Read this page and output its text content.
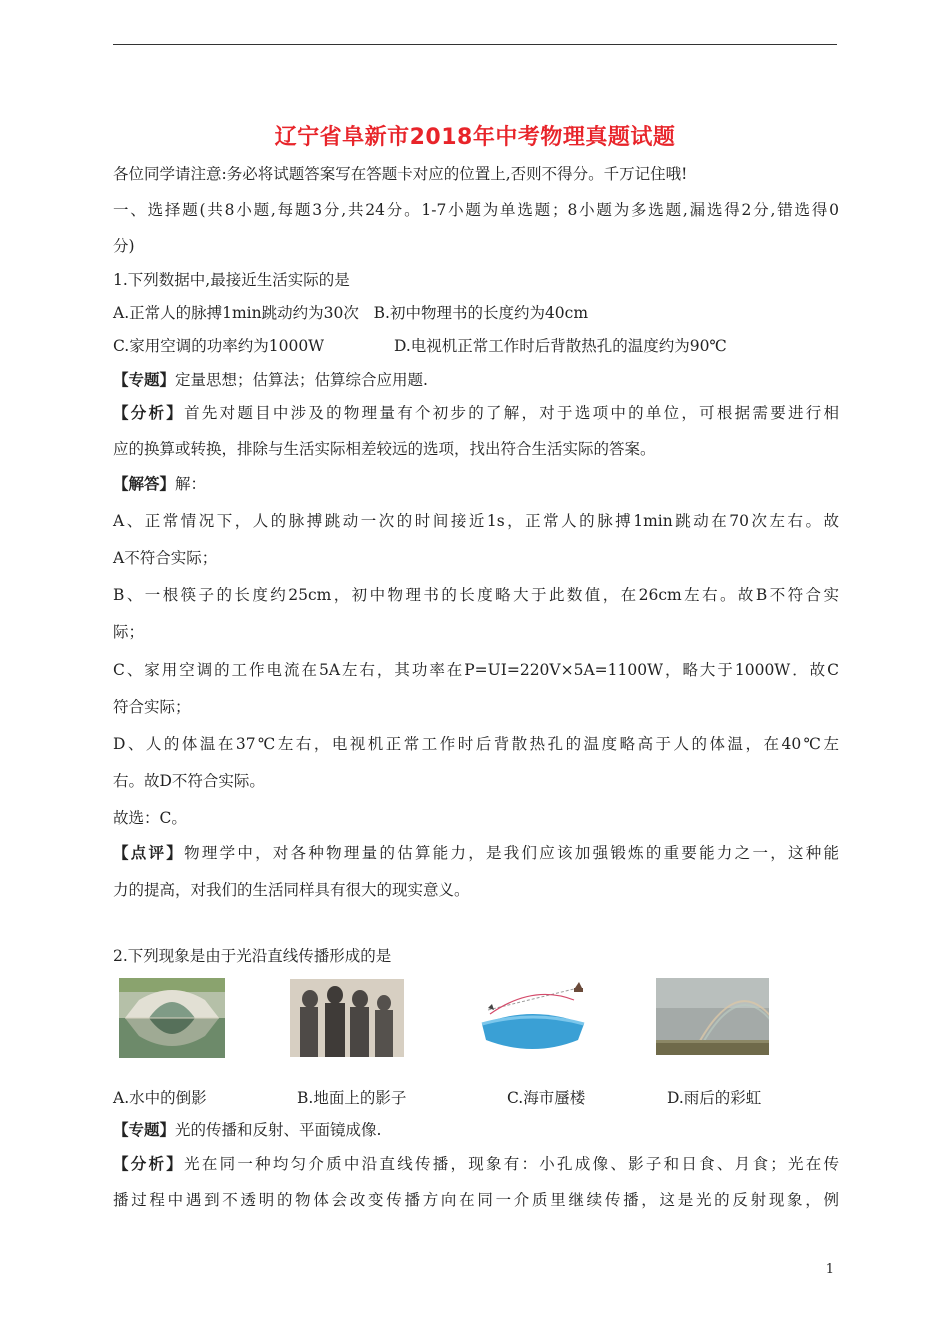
辽宁省阜新市2018年中考物理真题试题
各位同学请注意:务必将试题答案写在答题卡对应的位置上,否则不得分。千万记住哦!
一、选择题(共8小题,每题3分,共24分。1-7小题为单选题；8小题为多选题,漏选得2分,错选得0
分)
1.下列数据中,最接近生活实际的是
A.正常人的脉搏1min跳动约为30次   B.初中物理书的长度约为40cm
C.家用空调的功率约为1000W	D.电视机正常工作时后背散热孔的温度约为90℃
【专题】定量思想；估算法；估算综合应用题.
【分析】首先对题目中涉及的物理量有个初步的了解，对于选项中的单位，可根据需要进行相
应的换算或转换，排除与生活实际相差较远的选项，找出符合生活实际的答案。
【解答】解：
A、正常情况下，人的脉搏跳动一次的时间接近1s，正常人的脉搏1min跳动在70次左右。故
A不符合实际；
B、一根筷子的长度约25cm，初中物理书的长度略大于此数值，在26cm左右。故B不符合实
际；
C、家用空调的工作电流在5A左右，其功率在P=UI=220V×5A=1100W，略大于1000W．故C
符合实际；
D、人的体温在37℃左右，电视机正常工作时后背散热孔的温度略高于人的体温，在40℃左
右。故D不符合实际。
故选：C。
【点评】物理学中，对各种物理量的估算能力，是我们应该加强锻炼的重要能力之一，这种能
力的提高，对我们的生活同样具有很大的现实意义。
2.下列现象是由于光沿直线传播形成的是
A.水中的倒影	B.地面上的影子	C.海市蜃楼	D.雨后的彩虹
【专题】光的传播和反射、平面镜成像.
【分析】光在同一种均匀介质中沿直线传播，现象有：小孔成像、影子和日食、月食；光在传
播过程中遇到不透明的物体会改变传播方向在同一介质里继续传播，这是光的反射现象，例
1
